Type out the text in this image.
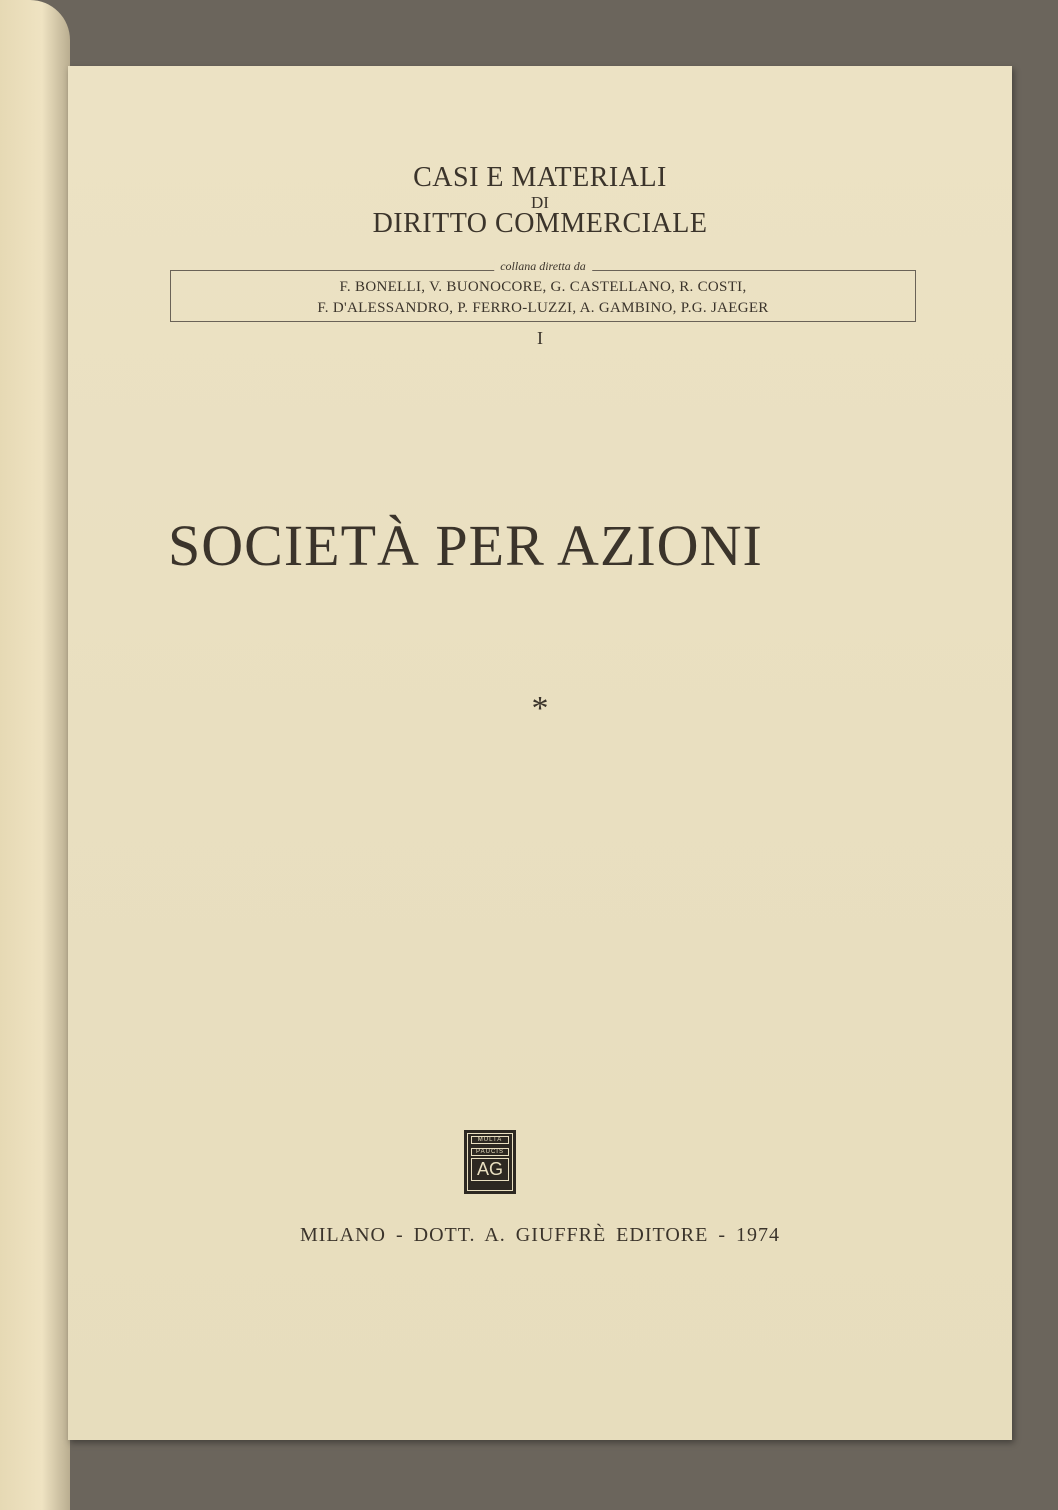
CASI E MATERIALI
DI
DIRITTO COMMERCIALE
collana diretta da
F. BONELLI, V. BUONOCORE, G. CASTELLANO, R. COSTI,
F. D'ALESSANDRO, P. FERRO-LUZZI, A. GAMBINO, P.G. JAEGER
I
SOCIETÀ PER AZIONI
*
MULTA
PAUCIS
AG
MILANO - DOTT. A. GIUFFRÈ EDITORE - 1974
